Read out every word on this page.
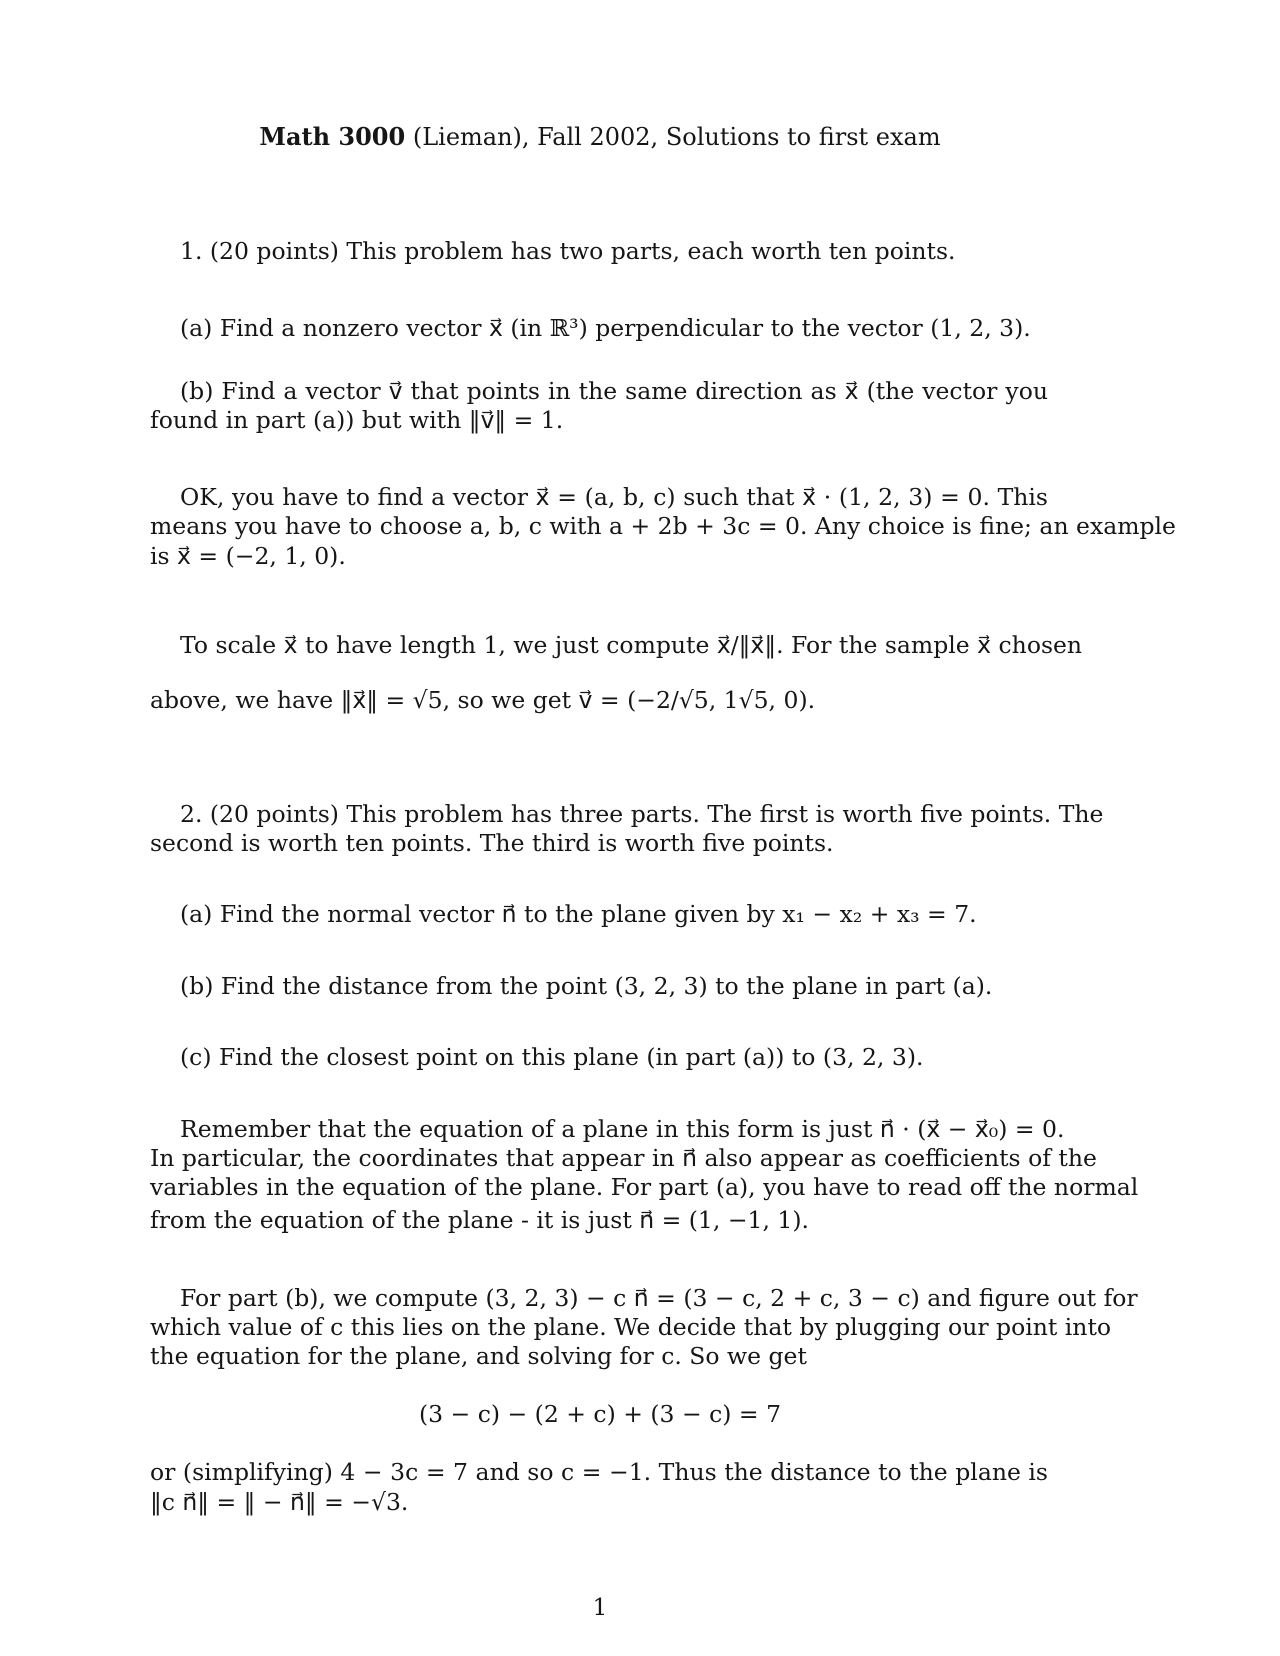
Math 3000 (Lieman), Fall 2002, Solutions to first exam
1. (20 points) This problem has two parts, each worth ten points.
(a) Find a nonzero vector x⃗ (in ℝ³) perpendicular to the vector (1, 2, 3).
(b) Find a vector v⃗ that points in the same direction as x⃗ (the vector you
found in part (a)) but with ‖v⃗‖ = 1.
OK, you have to find a vector x⃗ = (a, b, c) such that x⃗ · (1, 2, 3) = 0. This
means you have to choose a, b, c with a + 2b + 3c = 0. Any choice is fine; an example
is x⃗ = (−2, 1, 0).
To scale x⃗ to have length 1, we just compute x⃗/‖x⃗‖. For the sample x⃗ chosen
above, we have ‖x⃗‖ = √5, so we get v⃗ = (−2/√5, 1√5, 0).
2. (20 points) This problem has three parts. The first is worth five points. The
second is worth ten points. The third is worth five points.
(a) Find the normal vector n⃗ to the plane given by x₁ − x₂ + x₃ = 7.
(b) Find the distance from the point (3, 2, 3) to the plane in part (a).
(c) Find the closest point on this plane (in part (a)) to (3, 2, 3).
Remember that the equation of a plane in this form is just n⃗ · (x⃗ − x⃗₀) = 0.
In particular, the coordinates that appear in n⃗ also appear as coefficients of the
variables in the equation of the plane. For part (a), you have to read off the normal
from the equation of the plane - it is just n⃗ = (1, −1, 1).
For part (b), we compute (3, 2, 3) − c n⃗ = (3 − c, 2 + c, 3 − c) and figure out for
which value of c this lies on the plane. We decide that by plugging our point into
the equation for the plane, and solving for c. So we get
(3 − c) − (2 + c) + (3 − c) = 7
or (simplifying) 4 − 3c = 7 and so c = −1. Thus the distance to the plane is
‖c n⃗‖ = ‖ − n⃗‖ = −√3.
1
